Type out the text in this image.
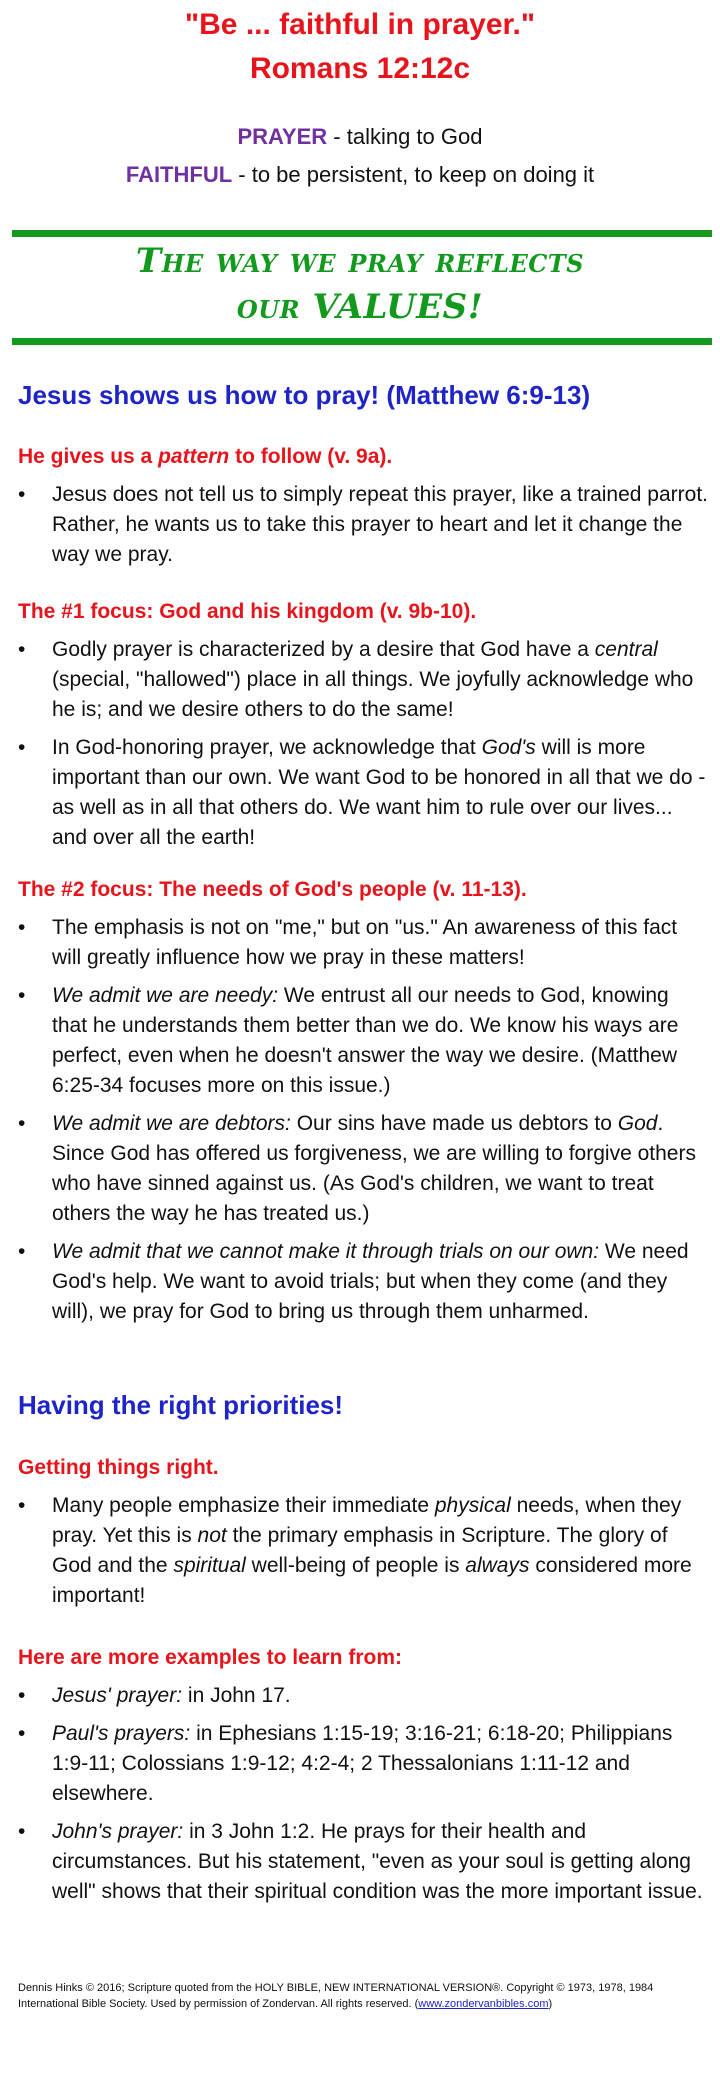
"Be ... faithful in prayer."
Romans 12:12c
PRAYER - talking to God
FAITHFUL - to be persistent, to keep on doing it
The way we pray reflects
our VALUES!
Jesus shows us how to pray! (Matthew 6:9-13)
He gives us a pattern to follow (v. 9a).
• Jesus does not tell us to simply repeat this prayer, like a trained parrot. Rather, he wants us to take this prayer to heart and let it change the way we pray.
The #1 focus: God and his kingdom (v. 9b-10).
• Godly prayer is characterized by a desire that God have a central (special, "hallowed") place in all things. We joyfully acknowledge who he is; and we desire others to do the same!
• In God-honoring prayer, we acknowledge that God's will is more important than our own. We want God to be honored in all that we do - as well as in all that others do. We want him to rule over our lives... and over all the earth!
The #2 focus: The needs of God's people (v. 11-13).
• The emphasis is not on "me," but on "us." An awareness of this fact will greatly influence how we pray in these matters!
• We admit we are needy: We entrust all our needs to God, knowing that he understands them better than we do. We know his ways are perfect, even when he doesn't answer the way we desire. (Matthew 6:25-34 focuses more on this issue.)
• We admit we are debtors: Our sins have made us debtors to God. Since God has offered us forgiveness, we are willing to forgive others who have sinned against us. (As God's children, we want to treat others the way he has treated us.)
• We admit that we cannot make it through trials on our own: We need God's help. We want to avoid trials; but when they come (and they will), we pray for God to bring us through them unharmed.
Having the right priorities!
Getting things right.
• Many people emphasize their immediate physical needs, when they pray. Yet this is not the primary emphasis in Scripture. The glory of God and the spiritual well-being of people is always considered more important!
Here are more examples to learn from:
• Jesus' prayer: in John 17.
• Paul's prayers: in Ephesians 1:15-19; 3:16-21; 6:18-20; Philippians 1:9-11; Colossians 1:9-12; 4:2-4; 2 Thessalonians 1:11-12 and elsewhere.
• John's prayer: in 3 John 1:2. He prays for their health and circumstances. But his statement, "even as your soul is getting along well" shows that their spiritual condition was the more important issue.
Dennis Hinks © 2016; Scripture quoted from the HOLY BIBLE, NEW INTERNATIONAL VERSION®. Copyright © 1973, 1978, 1984 International Bible Society. Used by permission of Zondervan. All rights reserved. (www.zondervanbibles.com)
